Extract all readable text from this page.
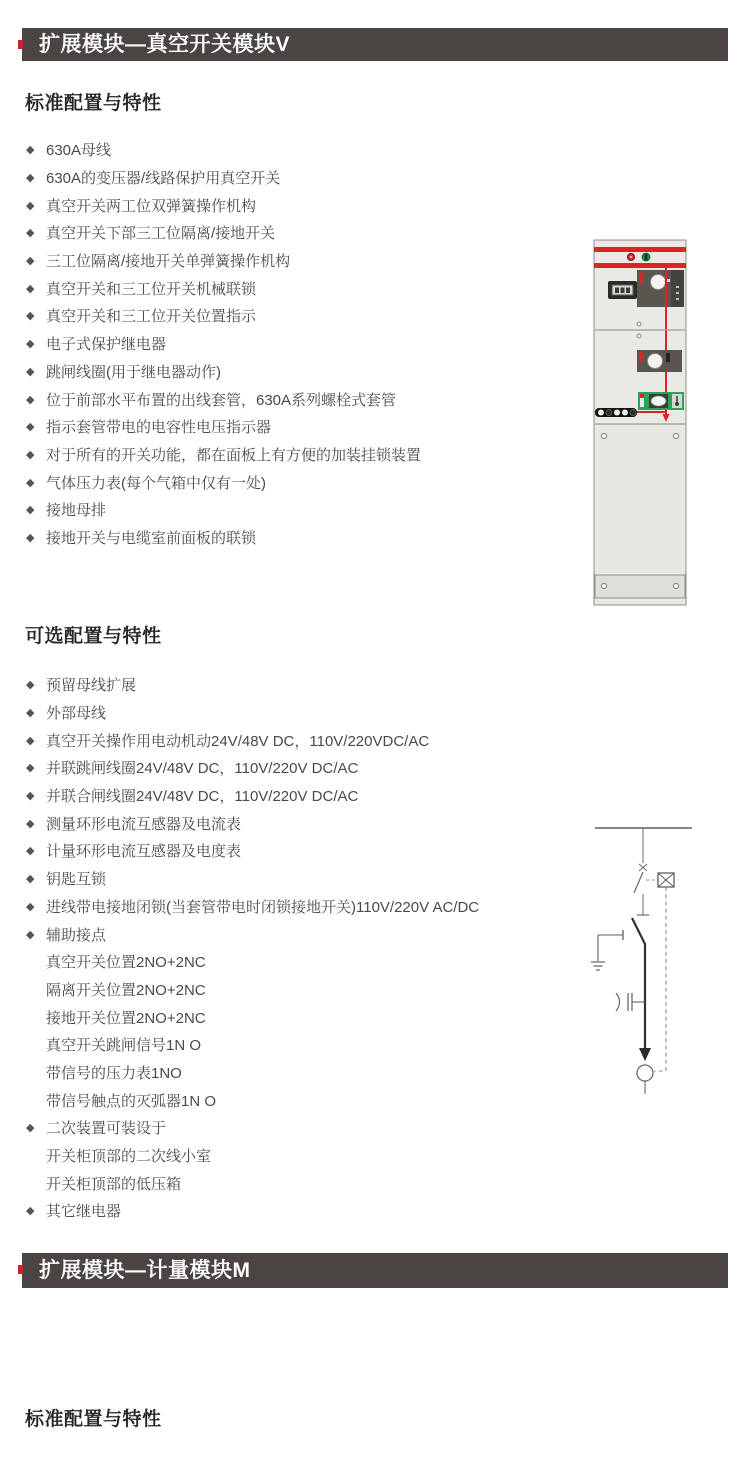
扩展模块—真空开关模块V
标准配置与特性
◆ 630A母线
◆ 630A的变压器/线路保护用真空开关
◆ 真空开关两工位双弹簧操作机构
◆ 真空开关下部三工位隔离/接地开关
◆ 三工位隔离/接地开关单弹簧操作机构
◆ 真空开关和三工位开关机械联锁
◆ 真空开关和三工位开关位置指示
◆ 电子式保护继电器
◆ 跳闸线圈(用于继电器动作)
◆ 位于前部水平布置的出线套管，630A系列螺栓式套管
◆ 指示套管带电的电容性电压指示器
◆ 对于所有的开关功能，都在面板上有方便的加装挂锁装置
◆ 气体压力表(每个气箱中仅有一处)
◆ 接地母排
◆ 接地开关与电缆室前面板的联锁
可选配置与特性
◆ 预留母线扩展
◆ 外部母线
◆ 真空开关操作用电动机动24V/48V DC，110V/220VDC/AC
◆ 并联跳闸线圈24V/48V DC，110V/220V DC/AC
◆ 并联合闸线圈24V/48V DC，110V/220V DC/AC
◆ 测量环形电流互感器及电流表
◆ 计量环形电流互感器及电度表
◆ 钥匙互锁
◆ 进线带电接地闭锁(当套管带电时闭锁接地开关)110V/220V AC/DC
◆ 辅助接点
真空开关位置2NO+2NC
隔离开关位置2NO+2NC
接地开关位置2NO+2NC
真空开关跳闸信号1N O
带信号的压力表1NO
带信号触点的灭弧器1N O
◆ 二次装置可装设于
开关柜顶部的二次线小室
开关柜顶部的低压箱
◆ 其它继电器
扩展模块—计量模块M
标准配置与特性
